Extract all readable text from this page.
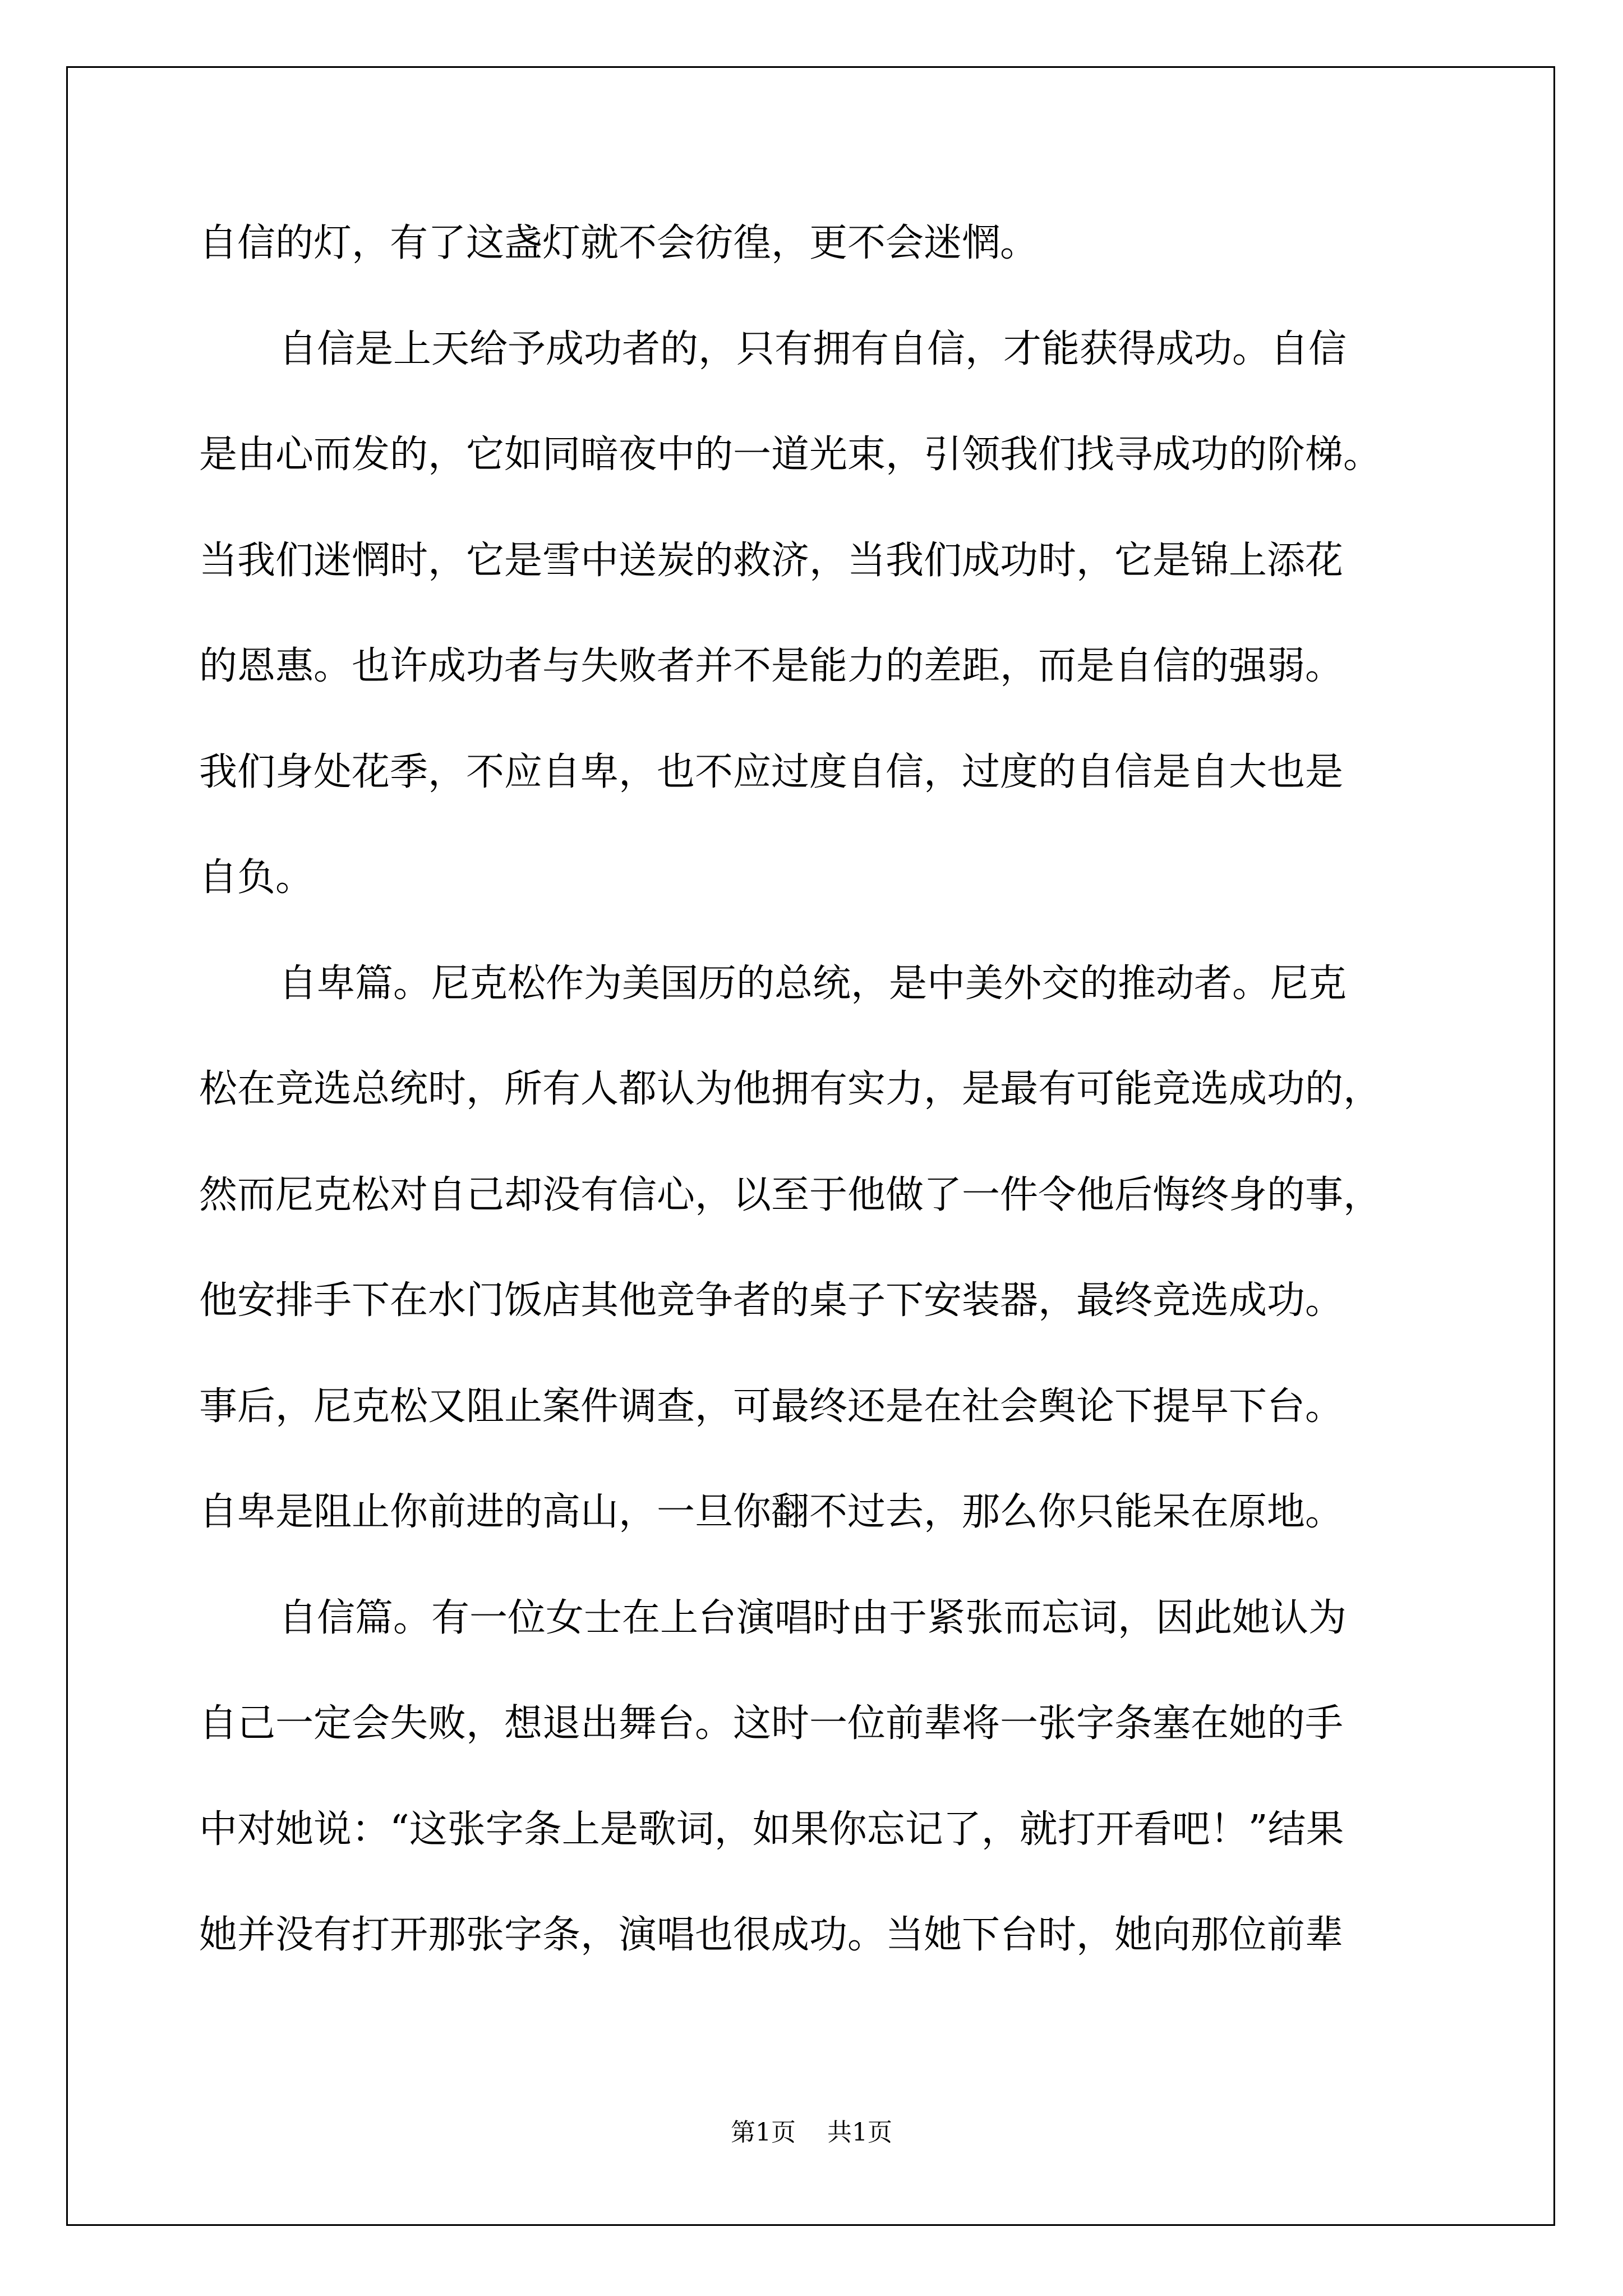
自信的灯，有了这盏灯就不会彷徨，更不会迷惘。
自信是上天给予成功者的，只有拥有自信，才能获得成功。自信
是由心而发的，它如同暗夜中的一道光束，引领我们找寻成功的阶梯。
当我们迷惘时，它是雪中送炭的救济，当我们成功时，它是锦上添花
的恩惠。也许成功者与失败者并不是能力的差距，而是自信的强弱。
我们身处花季，不应自卑，也不应过度自信，过度的自信是自大也是
自负。
自卑篇。尼克松作为美国历的总统，是中美外交的推动者。尼克
松在竞选总统时，所有人都认为他拥有实力，是最有可能竞选成功的，
然而尼克松对自己却没有信心，以至于他做了一件令他后悔终身的事，
他安排手下在水门饭店其他竞争者的桌子下安装器，最终竞选成功。
事后，尼克松又阻止案件调查，可最终还是在社会舆论下提早下台。
自卑是阻止你前进的高山，一旦你翻不过去，那么你只能呆在原地。
自信篇。有一位女士在上台演唱时由于紧张而忘词，因此她认为
自己一定会失败，想退出舞台。这时一位前辈将一张字条塞在她的手
中对她说：“这张字条上是歌词，如果你忘记了，就打开看吧！”结果
她并没有打开那张字条，演唱也很成功。当她下台时，她向那位前辈
第1页 共1页
